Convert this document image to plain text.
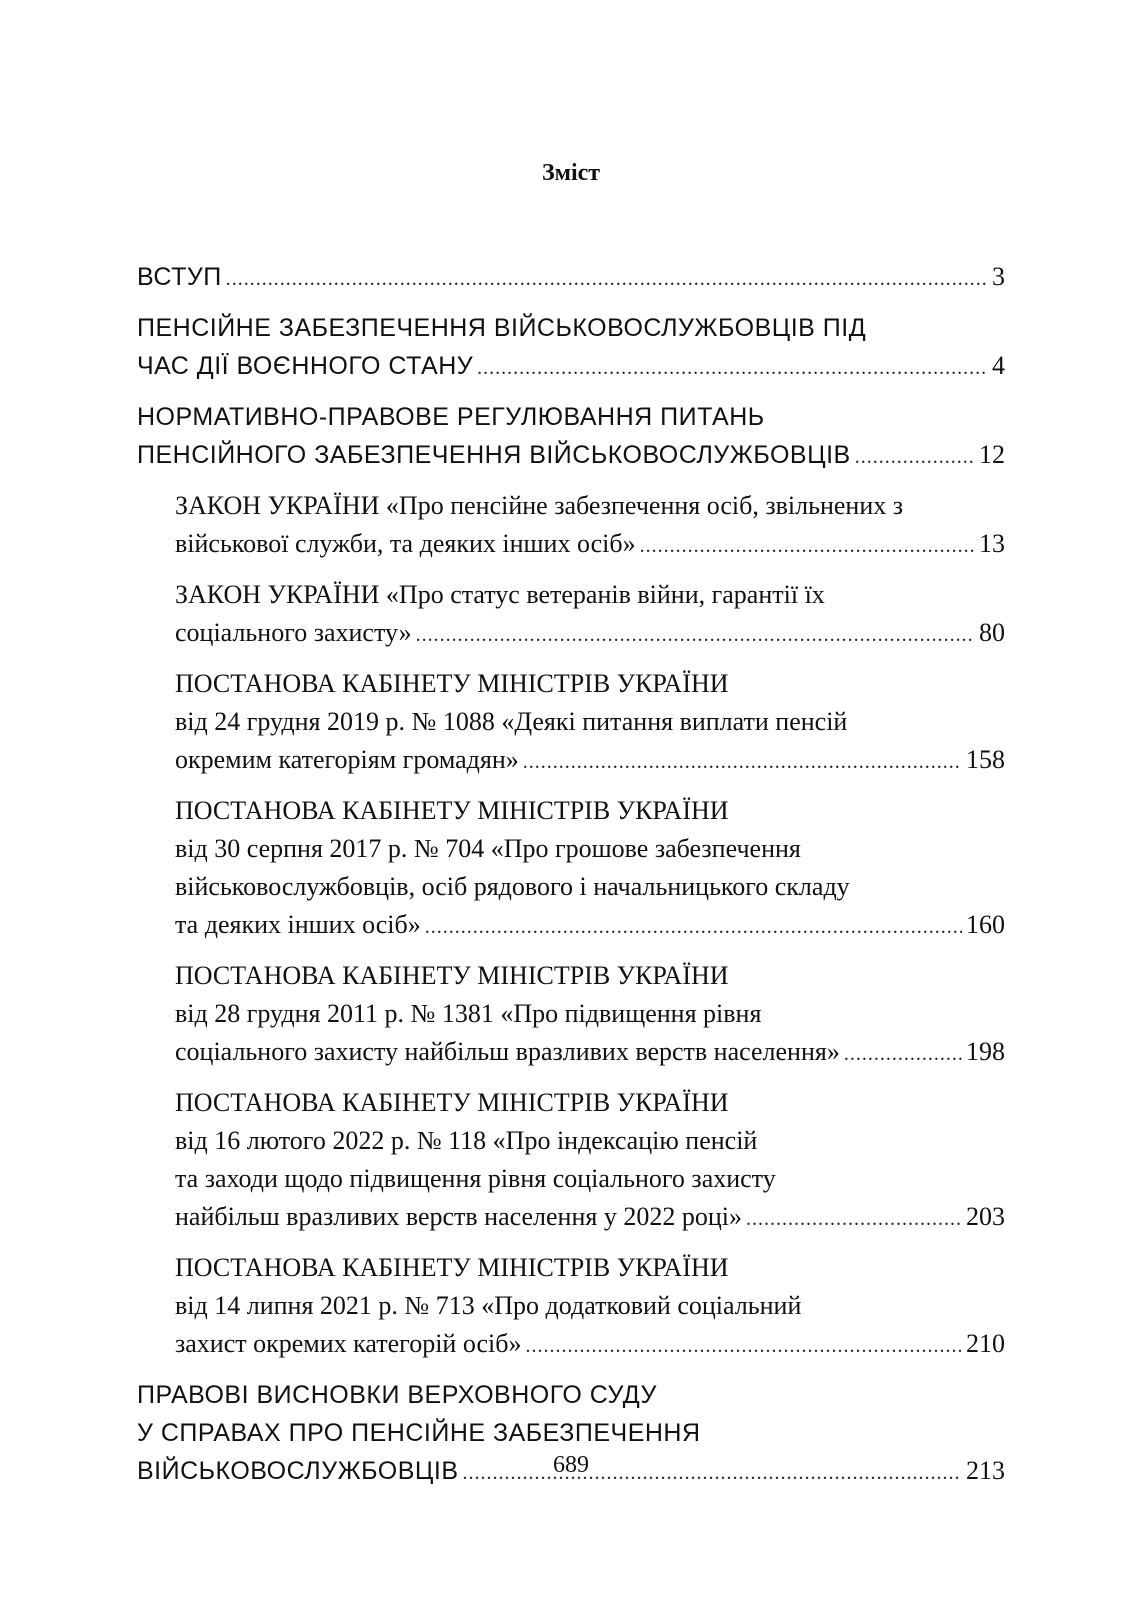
Зміст
ВСТУП .....	3
ПЕНСІЙНЕ ЗАБЕЗПЕЧЕННЯ ВІЙСЬКОВОСЛУЖБОВЦІВ ПІД
ЧАС ДІЇ ВОЄННОГО СТАНУ .....	4
НОРМАТИВНО-ПРАВОВЕ РЕГУЛЮВАННЯ ПИТАНЬ
ПЕНСІЙНОГО ЗАБЕЗПЕЧЕННЯ ВІЙСЬКОВОСЛУЖБОВЦІВ .....	12
ЗАКОН УКРАЇНИ «Про пенсійне забезпечення осіб, звільнених з
військової служби, та деяких інших осіб» .....	13
ЗАКОН УКРАЇНИ «Про статус ветеранів війни, гарантії їх
соціального захисту» .....	80
ПОСТАНОВА КАБІНЕТУ МІНІСТРІВ УКРАЇНИ
від 24 грудня 2019 р. № 1088 «Деякі питання виплати пенсій
окремим категоріям громадян» .....	158
ПОСТАНОВА КАБІНЕТУ МІНІСТРІВ УКРАЇНИ
від 30 серпня 2017 р. № 704 «Про грошове забезпечення
військовослужбовців, осіб рядового і начальницького складу
та деяких інших осіб» .....	160
ПОСТАНОВА КАБІНЕТУ МІНІСТРІВ УКРАЇНИ
від 28 грудня 2011 р. № 1381 «Про підвищення рівня
соціального захисту найбільш вразливих верств населення» .....	198
ПОСТАНОВА КАБІНЕТУ МІНІСТРІВ УКРАЇНИ
від 16 лютого 2022 р. № 118 «Про індексацію пенсій
та заходи щодо підвищення рівня соціального захисту
найбільш вразливих верств населення у 2022 році» .....	203
ПОСТАНОВА КАБІНЕТУ МІНІСТРІВ УКРАЇНИ
від 14 липня 2021 р. № 713 «Про додатковий соціальний
захист окремих категорій осіб» .....	210
ПРАВОВІ ВИСНОВКИ ВЕРХОВНОГО СУДУ
У СПРАВАХ ПРО ПЕНСІЙНЕ ЗАБЕЗПЕЧЕННЯ
ВІЙСЬКОВОСЛУЖБОВЦІВ .....	213
689
